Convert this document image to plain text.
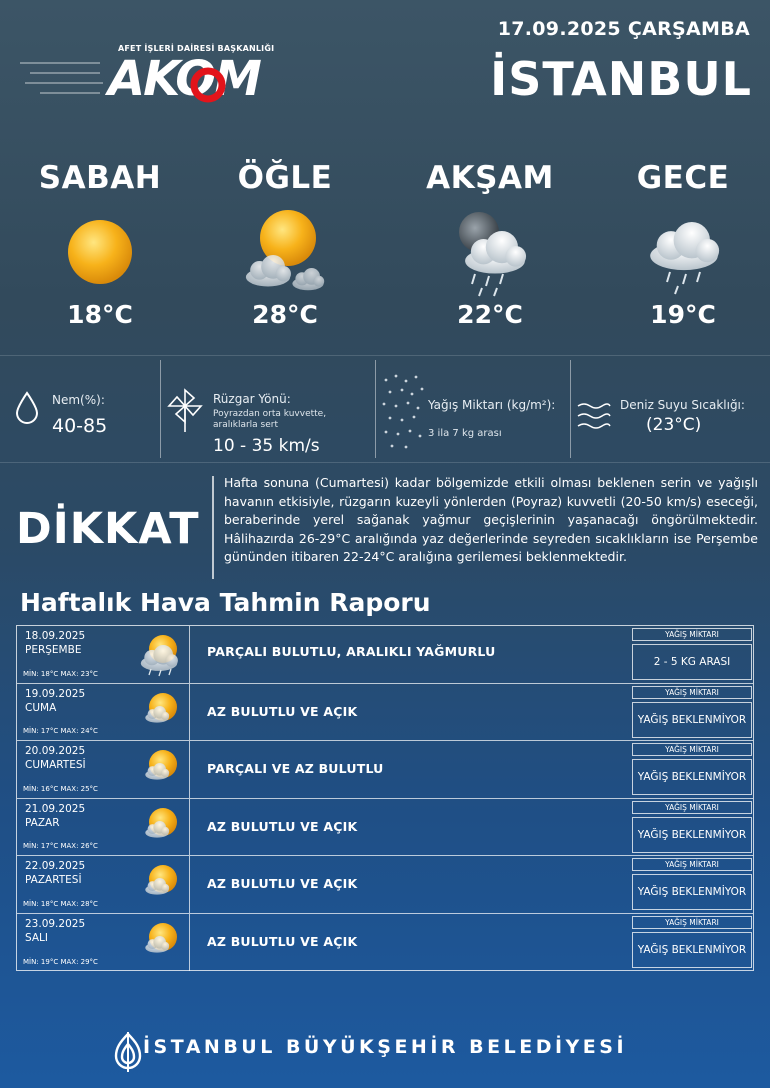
17.09.2025 ÇARŞAMBA
İSTANBUL
AFET İŞLERİ DAİRESİ BAŞKANLIĞI
AKOM
SABAH
18°C
ÖĞLE
28°C
AKŞAM
22°C
GECE
19°C
Nem(%):
40-85
Rüzgar Yönü:
Poyrazdan orta kuvvette, aralıklarla sert
10 - 35 km/s
Yağış Miktarı (kg/m²):
3 ila 7 kg arası
Deniz Suyu Sıcaklığı:
(23°C)
DİKKAT
Hafta sonuna (Cumartesi) kadar bölgemizde etkili olması beklenen serin ve yağışlı havanın etkisiyle, rüzgarın kuzeyli yönlerden (Poyraz) kuvvetli (20-50 km/s) eseceği, beraberinde yerel sağanak yağmur geçişlerinin yaşanacağı öngörülmektedir. Hâlihazırda 26-29°C aralığında yaz değerlerinde seyreden sıcaklıkların ise Perşembe gününden itibaren 22-24°C aralığına gerilemesi beklenmektedir.
Haftalık Hava Tahmin Raporu
18.09.2025
PERŞEMBE
MİN: 18°C MAX: 23°C
PARÇALI BULUTLU, ARALIKLI YAĞMURLU
YAĞIŞ MİKTARI
2 - 5 KG ARASI
19.09.2025
CUMA
MİN: 17°C MAX: 24°C
AZ BULUTLU VE AÇIK
YAĞIŞ MİKTARI
YAĞIŞ BEKLENMİYOR
20.09.2025
CUMARTESİ
MİN: 16°C MAX: 25°C
PARÇALI VE AZ BULUTLU
YAĞIŞ MİKTARI
YAĞIŞ BEKLENMİYOR
21.09.2025
PAZAR
MİN: 17°C MAX: 26°C
AZ BULUTLU VE AÇIK
YAĞIŞ MİKTARI
YAĞIŞ BEKLENMİYOR
22.09.2025
PAZARTESİ
MİN: 18°C MAX: 28°C
AZ BULUTLU VE AÇIK
YAĞIŞ MİKTARI
YAĞIŞ BEKLENMİYOR
23.09.2025
SALI
MİN: 19°C MAX: 29°C
AZ BULUTLU VE AÇIK
YAĞIŞ MİKTARI
YAĞIŞ BEKLENMİYOR
İSTANBUL BÜYÜKŞEHİR BELEDİYESİ
